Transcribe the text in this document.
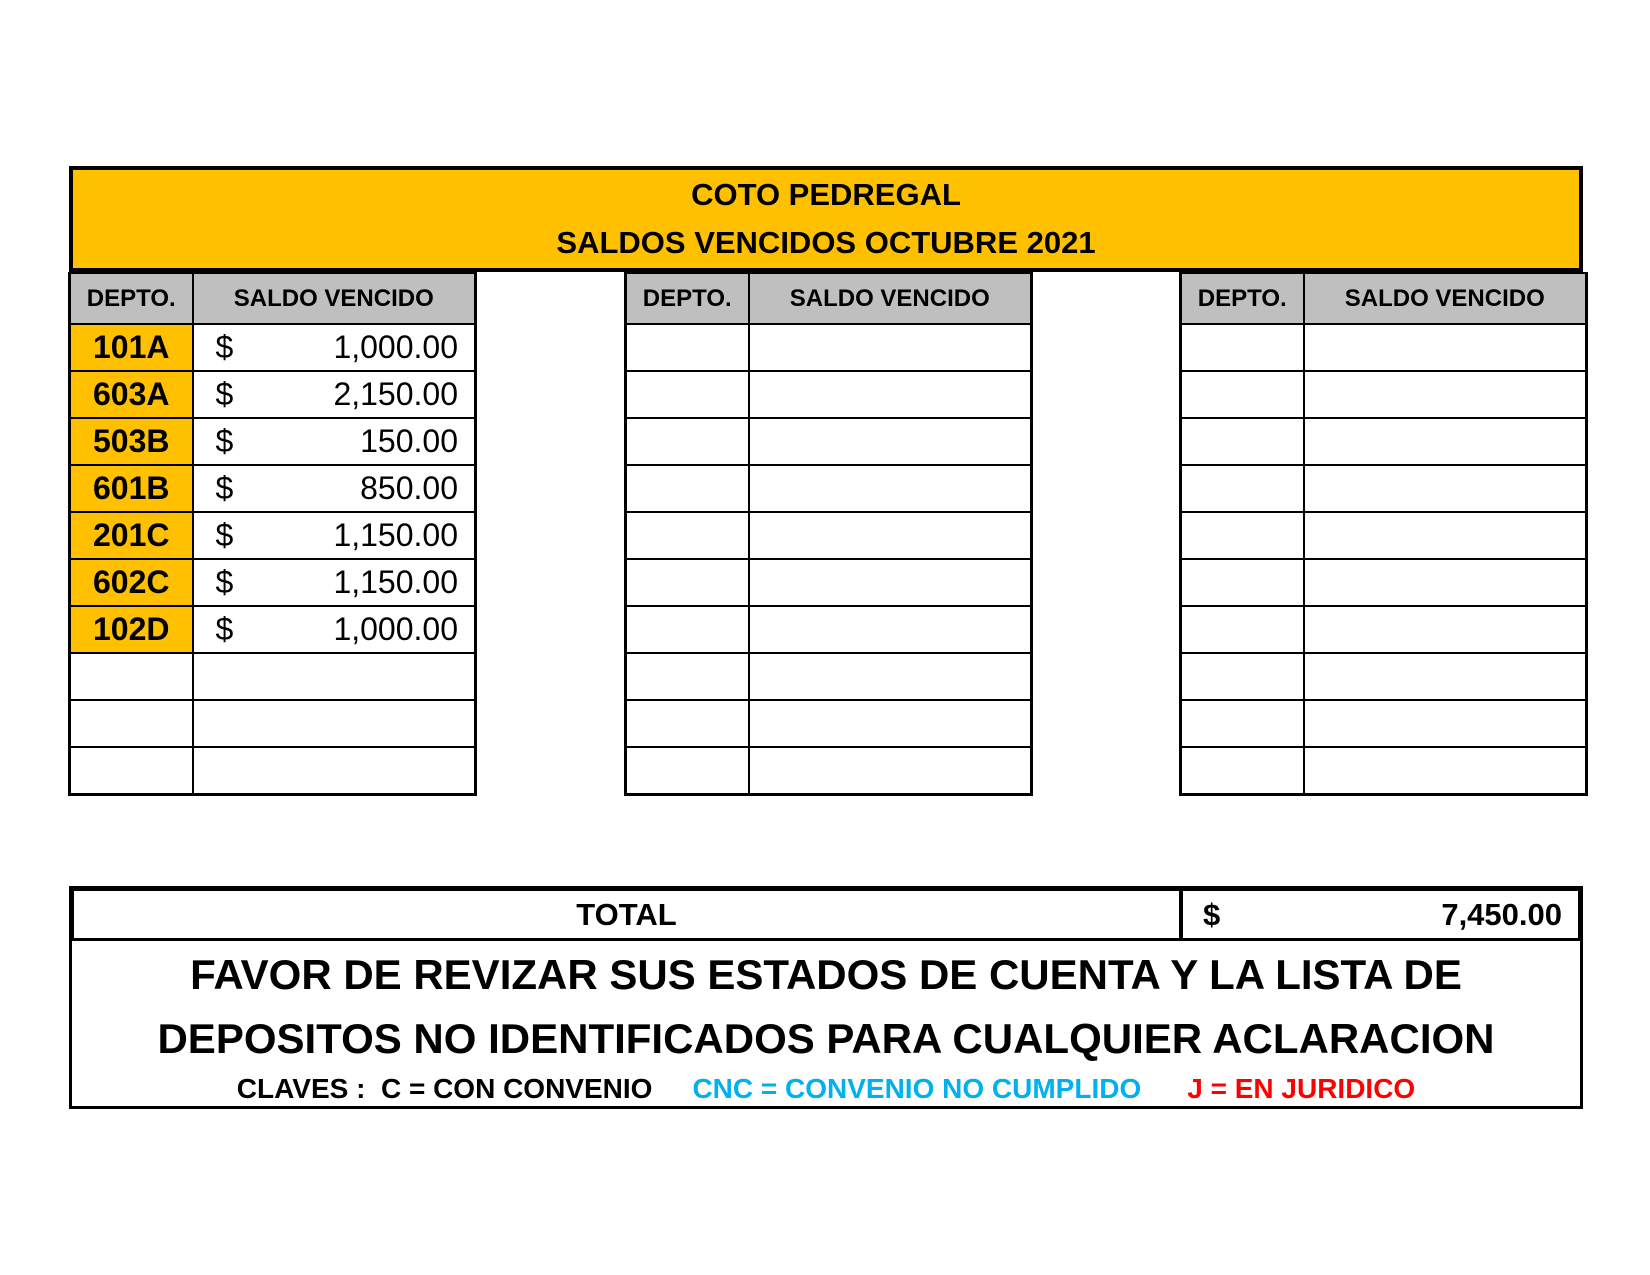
COTO PEDREGAL
SALDOS VENCIDOS OCTUBRE 2021
DEPTO.	SALDO VENCIDO
101A	$ 1,000.00

603A	$ 2,150.00

503B	$ 150.00

601B	$ 850.00

201C	$ 1,150.00

602C	$ 1,150.00

102D	$ 1,000.00

DEPTO.	SALDO VENCIDO

		DEPTO.	SALDO VENCIDO

TOTAL	$	7,450.00
FAVOR DE REVIZAR SUS ESTADOS DE CUENTA Y LA LISTA DE
DEPOSITOS NO IDENTIFICADOS PARA CUALQUIER ACLARACION
CLAVES :  C = CON CONVENIO CNC = CONVENIO NO CUMPLIDO J = EN JURIDICO
